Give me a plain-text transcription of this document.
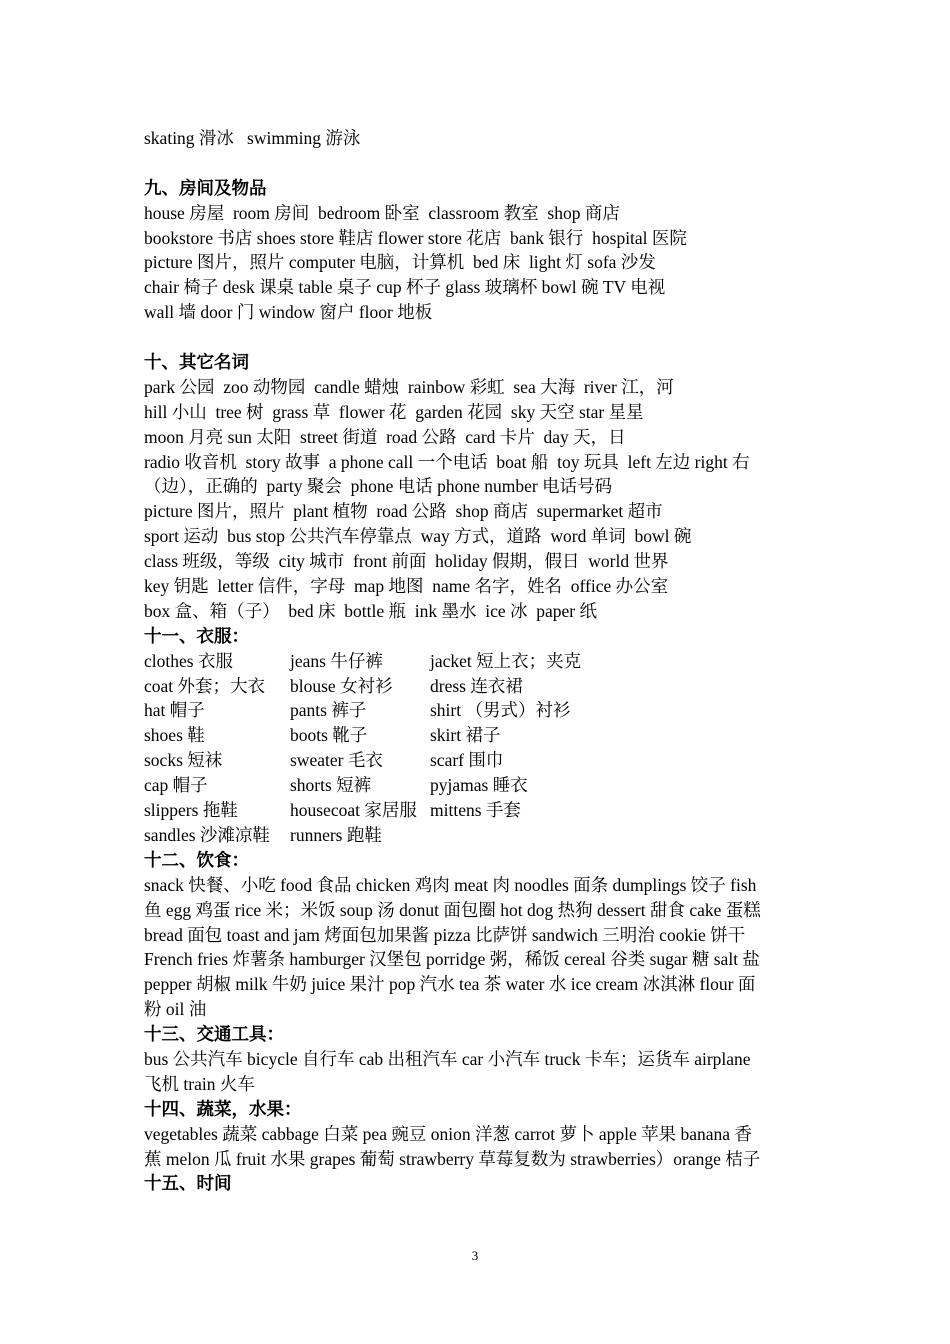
skating 滑冰   swimming 游泳
九、房间及物品
house 房屋  room 房间  bedroom 卧室  classroom 教室  shop 商店
bookstore 书店 shoes store 鞋店 flower store 花店  bank 银行  hospital 医院
picture 图片，照片 computer 电脑，计算机  bed 床  light 灯 sofa 沙发
chair 椅子 desk 课桌 table 桌子 cup 杯子 glass 玻璃杯 bowl 碗 TV 电视
wall 墙 door 门 window 窗户 floor 地板
十、其它名词
park 公园  zoo 动物园  candle 蜡烛  rainbow 彩虹  sea 大海  river 江，河
hill 小山  tree 树  grass 草  flower 花  garden 花园  sky 天空 star 星星
moon 月亮 sun 太阳  street 街道  road 公路  card 卡片  day 天，日
radio 收音机  story 故事  a phone call 一个电话  boat 船  toy 玩具  left 左边 right 右
（边），正确的  party 聚会  phone 电话 phone number 电话号码
picture 图片，照片  plant 植物  road 公路  shop 商店  supermarket 超市
sport 运动  bus stop 公共汽车停靠点  way 方式，道路  word 单词  bowl 碗
class 班级，等级  city 城市  front 前面  holiday 假期，假日  world 世界
key 钥匙  letter 信件，字母  map 地图  name 名字，姓名  office 办公室
box 盒、箱（子）  bed 床  bottle 瓶  ink 墨水  ice 冰  paper 纸
十一、衣服：
clothes 衣服	jeans 牛仔裤	jacket 短上衣；夹克
coat 外套；大衣	blouse 女衬衫	dress 连衣裙
hat 帽子	pants 裤子	shirt （男式）衬衫
shoes 鞋	boots 靴子	skirt 裙子
socks 短袜	sweater 毛衣	scarf 围巾
cap 帽子	shorts 短裤	pyjamas 睡衣
slippers 拖鞋	housecoat 家居服 mittens 手套
sandles 沙滩凉鞋	runners 跑鞋
十二、饮食：
snack 快餐、小吃 food 食品 chicken 鸡肉 meat 肉 noodles 面条 dumplings 饺子 fish
鱼 egg 鸡蛋 rice 米；米饭 soup 汤 donut 面包圈 hot dog 热狗 dessert 甜食 cake 蛋糕
bread 面包 toast and jam 烤面包加果酱 pizza 比萨饼 sandwich 三明治 cookie 饼干
French fries 炸薯条 hamburger 汉堡包 porridge 粥，稀饭 cereal 谷类 sugar 糖 salt 盐
pepper 胡椒 milk 牛奶 juice 果汁 pop 汽水 tea 茶 water 水 ice cream 冰淇淋 flour 面
粉 oil 油
十三、交通工具：
bus 公共汽车 bicycle 自行车 cab 出租汽车 car 小汽车 truck 卡车；运货车 airplane
飞机 train 火车
十四、蔬菜，水果：
vegetables 蔬菜 cabbage 白菜 pea 豌豆 onion 洋葱 carrot 萝卜 apple 苹果 banana 香
蕉 melon 瓜 fruit 水果 grapes 葡萄 strawberry 草莓复数为 strawberries）orange 桔子
十五、时间
3
